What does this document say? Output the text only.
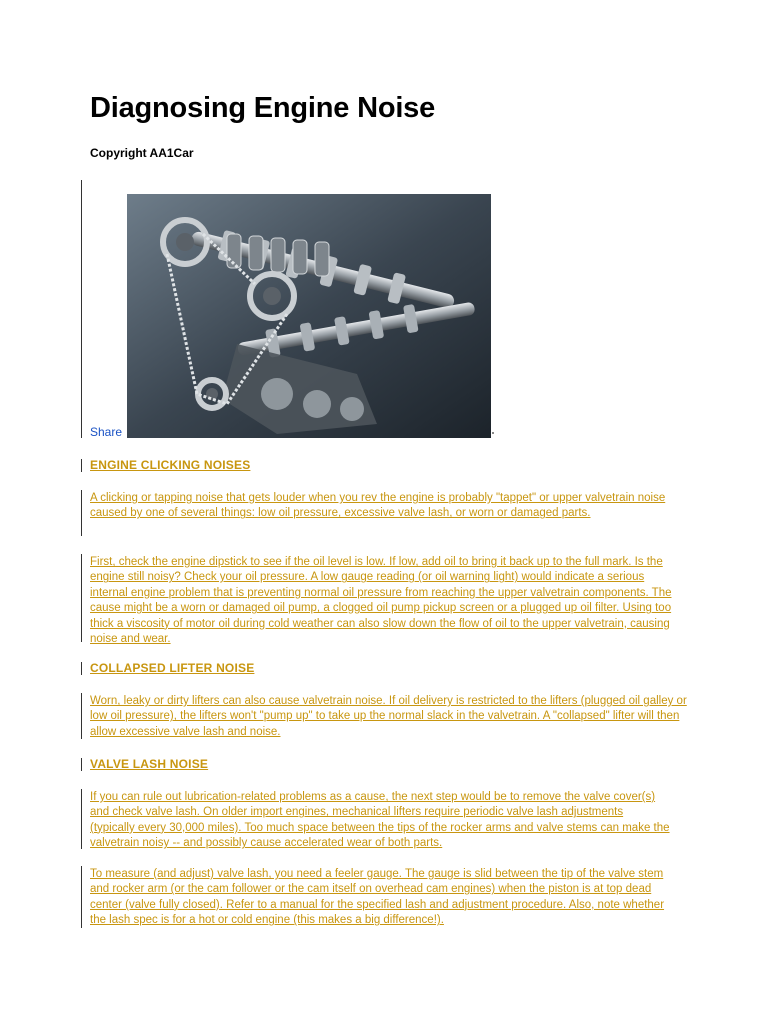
Diagnosing Engine Noise
Copyright AA1Car
Share
ENGINE CLICKING NOISES

A clicking or tapping noise that gets louder when you rev the engine is probably "tappet" or upper valvetrain noise caused by one of several things: low oil pressure, excessive valve lash, or worn or damaged parts.

First, check the engine dipstick to see if the oil level is low. If low, add oil to bring it back up to the full mark. Is the engine still noisy? Check your oil pressure. A low gauge reading (or oil warning light) would indicate a serious internal engine problem that is preventing normal oil pressure from reaching the upper valvetrain components. The cause might be a worn or damaged oil pump, a clogged oil pump pickup screen or a plugged up oil filter. Using too thick a viscosity of motor oil during cold weather can also slow down the flow of oil to the upper valvetrain, causing noise and wear.

COLLAPSED LIFTER NOISE

Worn, leaky or dirty lifters can also cause valvetrain noise. If oil delivery is restricted to the lifters (plugged oil galley or low oil pressure), the lifters won't "pump up" to take up the normal slack in the valvetrain. A "collapsed" lifter will then allow excessive valve lash and noise.

VALVE LASH NOISE

If you can rule out lubrication-related problems as a cause, the next step would be to remove the valve cover(s) and check valve lash. On older import engines, mechanical lifters require periodic valve lash adjustments (typically every 30,000 miles). Too much space between the tips of the rocker arms and valve stems can make the valvetrain noisy -- and possibly cause accelerated wear of both parts.

To measure (and adjust) valve lash, you need a feeler gauge. The gauge is slid between the tip of the valve stem and rocker arm (or the cam follower or the cam itself on overhead cam engines) when the piston is at top dead center (valve fully closed). Refer to a manual for the specified lash and adjustment procedure. Also, note whether the lash spec is for a hot or cold engine (this makes a big difference!).
